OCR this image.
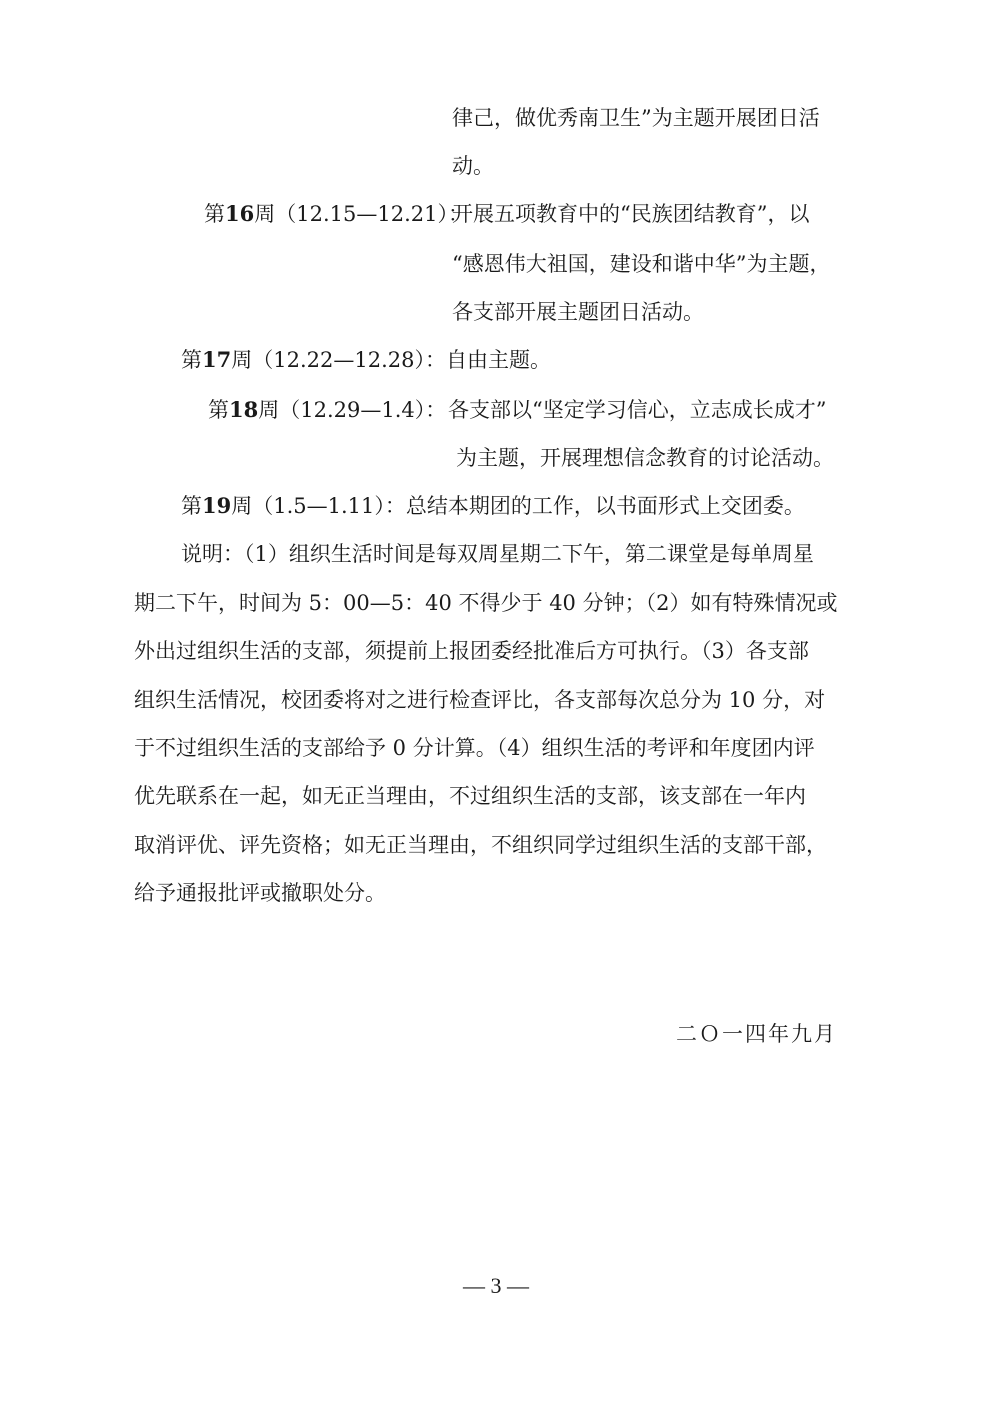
律己，做优秀南卫生”为主题开展团日活
动。
第16周（12.15—12.21）：
开展五项教育中的“民族团结教育”，以
“感恩伟大祖国，建设和谐中华”为主题，
各支部开展主题团日活动。
第17周（12.22—12.28）：自由主题。
第18周（12.29—1.4）： 各支部以“坚定学习信心，立志成长成才”
为主题，开展理想信念教育的讨论活动。
第19周（1.5—1.11）：总结本期团的工作，以书面形式上交团委。
说明：（1）组织生活时间是每双周星期二下午，第二课堂是每单周星
期二下午，时间为 5：00—5：40 不得少于 40 分钟；（2）如有特殊情况或
外出过组织生活的支部，须提前上报团委经批准后方可执行。（3）各支部
组织生活情况，校团委将对之进行检查评比，各支部每次总分为 10 分，对
于不过组织生活的支部给予 0 分计算。（4）组织生活的考评和年度团内评
优先联系在一起，如无正当理由，不过组织生活的支部，该支部在一年内
取消评优、评先资格；如无正当理由，不组织同学过组织生活的支部干部，
给予通报批评或撤职处分。
二Ｏ一四年九月
— 3 —
